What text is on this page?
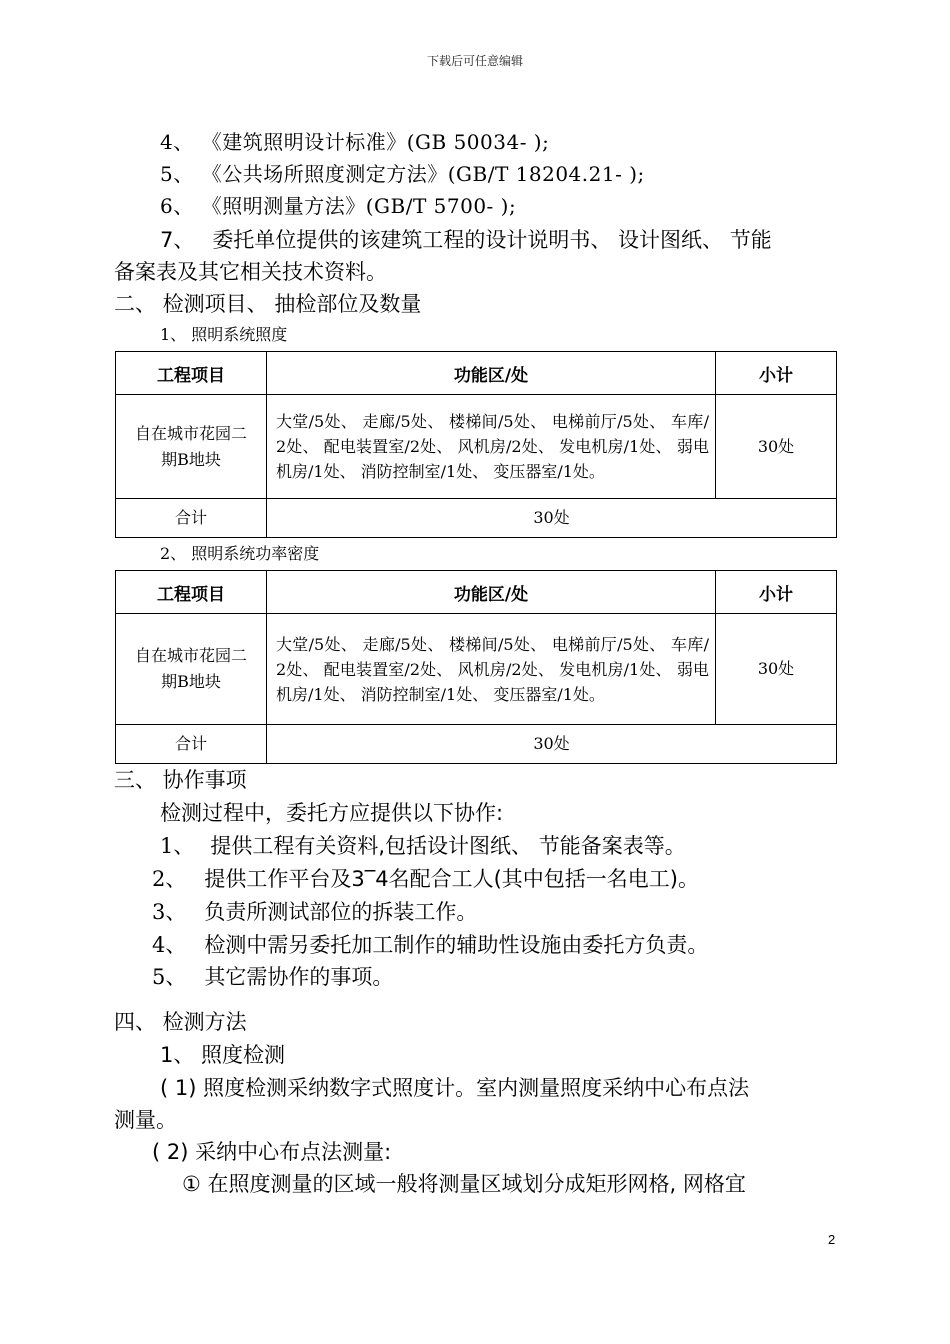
下载后可任意编辑
4、 《建筑照明设计标准》(GB 50034- );
5、 《公共场所照度测定方法》(GB/T 18204.21- );
6、 《照明测量方法》(GB/T 5700- );
7、 委托单位提供的该建筑工程的设计说明书、 设计图纸、 节能
备案表及其它相关技术资料。
二、 检测项目、 抽检部位及数量
1、 照明系统照度
工程项目	功能区/处	小计

自在城市花园二
期B地块	大堂/5处、 走廊/5处、 楼梯间/5处、 电梯前厅/5处、 车库/2处、 配电装置室/2处、 风机房/2处、 发电机房/1处、 弱电机房/1处、 消防控制室/1处、 变压器室/1处。	30处
合计	30处	
2、 照明系统功率密度
工程项目	功能区/处	小计

自在城市花园二
期B地块	大堂/5处、 走廊/5处、 楼梯间/5处、 电梯前厅/5处、 车库/2处、 配电装置室/2处、 风机房/2处、 发电机房/1处、 弱电机房/1处、 消防控制室/1处、 变压器室/1处。	30处
合计	30处	
三、 协作事项
检测过程中，委托方应提供以下协作:
1、 提供工程有关资料,包括设计图纸、 节能备案表等。
2、 提供工作平台及3‾4名配合工人(其中包括一名电工)。
3、 负责所测试部位的拆装工作。
4、 检测中需另委托加工制作的辅助性设施由委托方负责。
5、 其它需协作的事项。
四、 检测方法
1、 照度检测
( 1) 照度检测采纳数字式照度计。室内测量照度采纳中心布点法
测量。
( 2) 采纳中心布点法测量:
① 在照度测量的区域一般将测量区域划分成矩形网格, 网格宜
2
